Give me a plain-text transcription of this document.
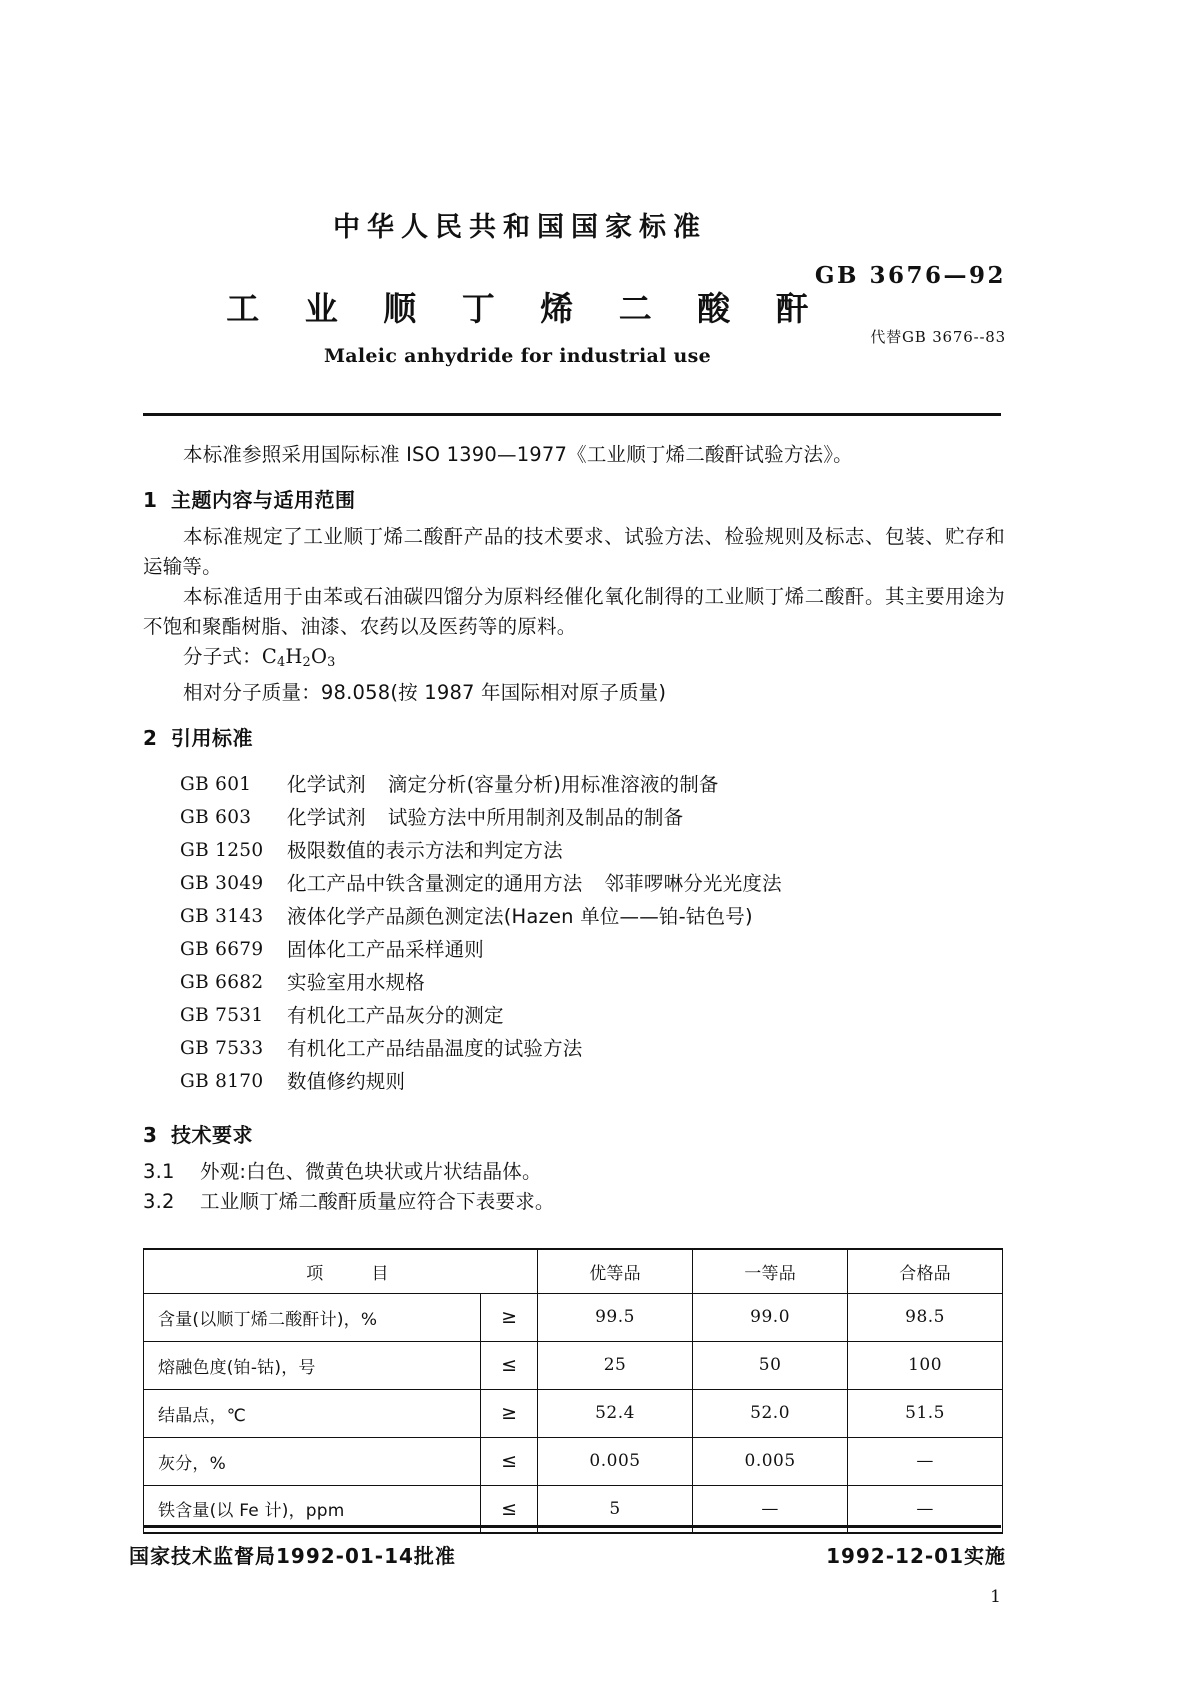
中华人民共和国国家标准
GB 3676—92
工 业 顺 丁 烯 二 酸 酐
代替GB 3676--83
Maleic anhydride for industrial use

本标准参照采用国际标准 ISO 1390—1977《工业顺丁烯二酸酐试验方法》。

1 主题内容与适用范围

本标准规定了工业顺丁烯二酸酐产品的技术要求、试验方法、检验规则及标志、包装、贮存和运输等。

本标准适用于由苯或石油碳四馏分为原料经催化氧化制得的工业顺丁烯二酸酐。其主要用途为不饱和聚酯树脂、油漆、农药以及医药等的原料。

分子式：$C_4H_2O_3$

相对分子质量：98.058(按 1987 年国际相对原子质量)

2 引用标准

GB 601	化学试剂 滴定分析(容量分析)用标准溶液的制备
GB 603	化学试剂 试验方法中所用制剂及制品的制备
GB 1250	极限数值的表示方法和判定方法
GB 3049	化工产品中铁含量测定的通用方法 邻菲啰啉分光光度法
GB 3143	液体化学产品颜色测定法(Hazen 单位——铂-钴色号)
GB 6679	固体化工产品采样通则
GB 6682	实验室用水规格
GB 7531	有机化工产品灰分的测定
GB 7533	有机化工产品结晶温度的试验方法
GB 8170	数值修约规则

3 技术要求

3.1 外观:白色、微黄色块状或片状结晶体。

3.2 工业顺丁烯二酸酐质量应符合下表要求。

项 目		优等品	一等品	合格品
含量(以顺丁烯二酸酐计)，%	≥	99.5	99.0	98.5
熔融色度(铂-钴)，号	≤	25	50	100
结晶点，℃	≥	52.4	52.0	51.5
灰分，%	≤	0.005	0.005	—
铁含量(以 Fe 计)，ppm	≤	5	—	—
国家技术监督局1992-01-14批准	1992-12-01实施
1
